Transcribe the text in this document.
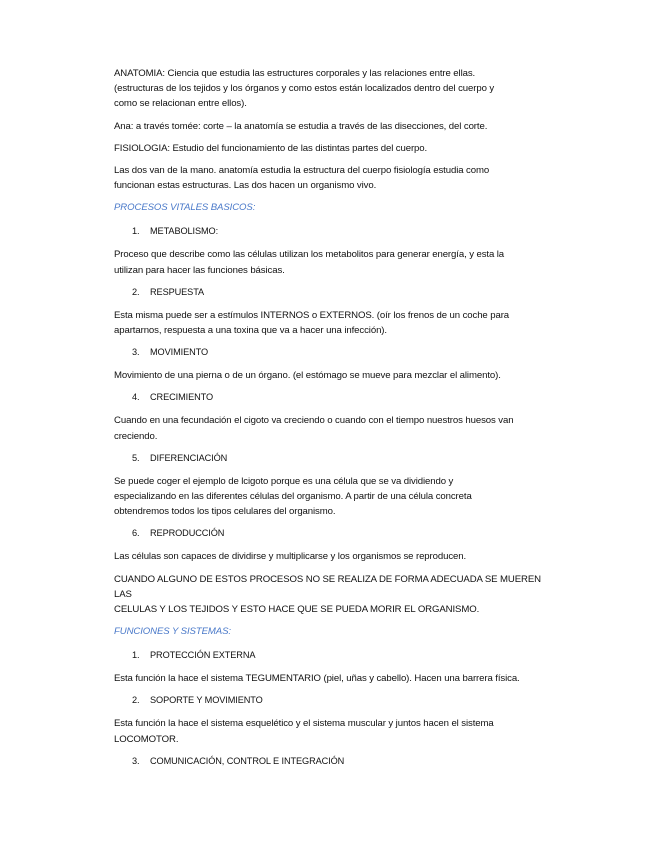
ANATOMIA: Ciencia que estudia las estructures corporales y las relaciones entre ellas.
(estructuras de los tejidos y los órganos y como estos están localizados dentro del cuerpo y
como se relacionan entre ellos).

Ana: a través tomée: corte – la anatomía se estudia a través de las disecciones, del corte.

FISIOLOGIA: Estudio del funcionamiento de las distintas partes del cuerpo.

Las dos van de la mano. anatomía estudia la estructura del cuerpo fisiología estudia como
funcionan estas estructuras. Las dos hacen un organismo vivo.

PROCESOS VITALES BASICOS:
1. METABOLISMO:

Proceso que describe como las células utilizan los metabolitos para generar energía, y esta la
utilizan para hacer las funciones básicas.

2. RESPUESTA

Esta misma puede ser a estímulos INTERNOS o EXTERNOS. (oír los frenos de un coche para
apartarnos, respuesta a una toxina que va a hacer una infección).

3. MOVIMIENTO

Movimiento de una pierna o de un órgano. (el estómago se mueve para mezclar el alimento).

4. CRECIMIENTO

Cuando en una fecundación el cigoto va creciendo o cuando con el tiempo nuestros huesos van
creciendo.

5. DIFERENCIACIÓN

Se puede coger el ejemplo de lcigoto porque es una célula que se va dividiendo y
especializando en las diferentes células del organismo. A partir de una célula concreta
obtendremos todos los tipos celulares del organismo.

6. REPRODUCCIÓN

Las células son capaces de dividirse y multiplicarse y los organismos se reproducen.

CUANDO ALGUNO DE ESTOS PROCESOS NO SE REALIZA DE FORMA ADECUADA SE MUEREN LAS
CELULAS Y LOS TEJIDOS Y ESTO HACE QUE SE PUEDA MORIR EL ORGANISMO.

FUNCIONES Y SISTEMAS:
1. PROTECCIÓN EXTERNA

Esta función la hace el sistema TEGUMENTARIO (piel, uñas y cabello). Hacen una barrera física.

2. SOPORTE Y MOVIMIENTO

Esta función la hace el sistema esquelético y el sistema muscular y juntos hacen el sistema
LOCOMOTOR.

3. COMUNICACIÓN, CONTROL E INTEGRACIÓN
